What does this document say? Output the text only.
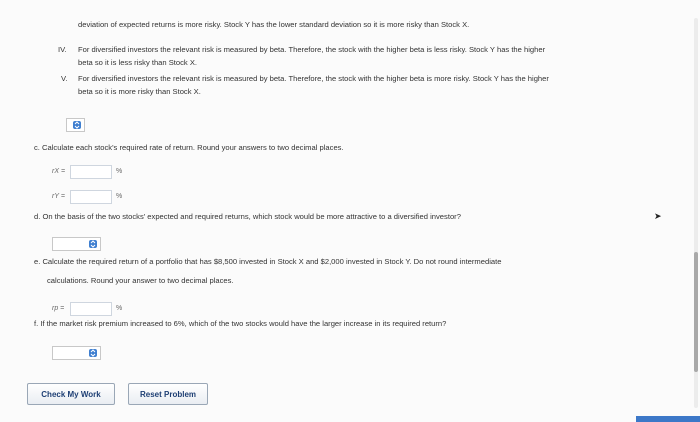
deviation of expected returns is more risky. Stock Y has the lower standard deviation so it is more risky than Stock X.
IV. For diversified investors the relevant risk is measured by beta. Therefore, the stock with the higher beta is less risky. Stock Y has the higher
beta so it is less risky than Stock X.
V. For diversified investors the relevant risk is measured by beta. Therefore, the stock with the higher beta is more risky. Stock Y has the higher
beta so it is more risky than Stock X.
c. Calculate each stock's required rate of return. Round your answers to two decimal places.
rX =	%
rY =	%
d. On the basis of the two stocks' expected and required returns, which stock would be more attractive to a diversified investor?	➤
e. Calculate the required return of a portfolio that has $8,500 invested in Stock X and $2,000 invested in Stock Y. Do not round intermediate
calculations. Round your answer to two decimal places.
rp =	%
f. If the market risk premium increased to 6%, which of the two stocks would have the larger increase in its required return?
Check My Work	Reset Problem
